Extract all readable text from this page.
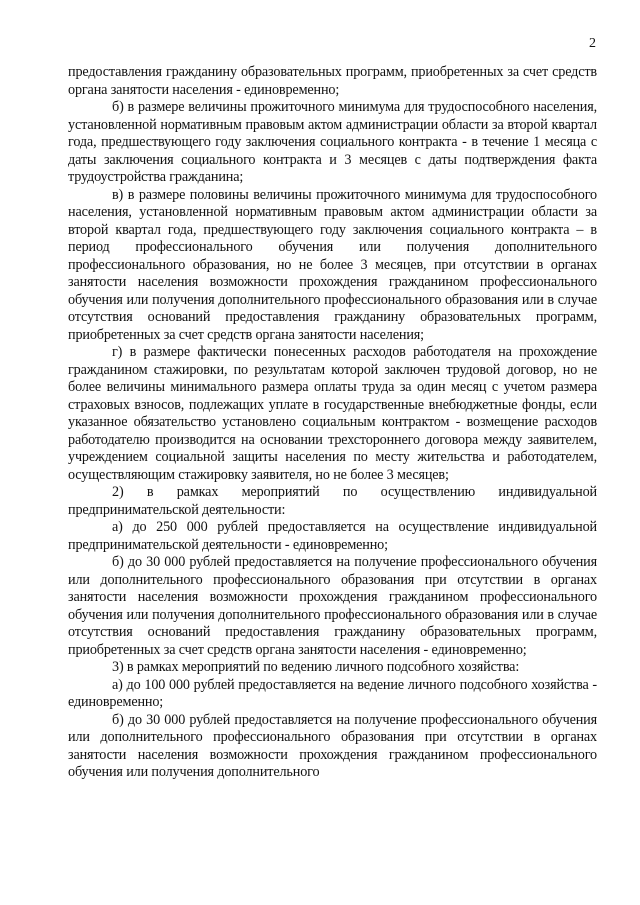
2

предоставления гражданину образовательных программ, приобретенных за счет средств органа занятости населения - единовременно;

б) в размере величины прожиточного минимума для трудоспособного населения, установленной нормативным правовым актом администрации области за второй квартал года, предшествующего году заключения социального контракта - в течение 1 месяца с даты заключения социального контракта и 3 месяцев с даты подтверждения факта трудоустройства гражданина;

в) в размере половины величины прожиточного минимума для трудоспособного населения, установленной нормативным правовым актом администрации области за второй квартал года, предшествующего году заключения социального контракта – в период профессионального обучения или получения дополнительного профессионального образования, но не более 3 месяцев, при отсутствии в органах занятости населения возможности прохождения гражданином профессионального обучения или получения дополнительного профессионального образования или в случае отсутствия оснований предоставления гражданину образовательных программ, приобретенных за счет средств органа занятости населения;

г) в размере фактически понесенных расходов работодателя на прохождение гражданином стажировки, по результатам которой заключен трудовой договор, но не более величины минимального размера оплаты труда за один месяц с учетом размера страховых взносов, подлежащих уплате в государственные внебюджетные фонды, если указанное обязательство установлено социальным контрактом - возмещение расходов работодателю производится на основании трехстороннего договора между заявителем, учреждением социальной защиты населения по месту жительства и работодателем, осуществляющим стажировку заявителя, но не более 3 месяцев;

2) в рамках мероприятий по осуществлению индивидуальной предпринимательской деятельности:

а) до 250 000 рублей предоставляется на осуществление индивидуальной предпринимательской деятельности - единовременно;

б) до 30 000 рублей предоставляется на получение профессионального обучения или дополнительного профессионального образования при отсутствии в органах занятости населения возможности прохождения гражданином профессионального обучения или получения дополнительного профессионального образования или в случае отсутствия оснований предоставления гражданину образовательных программ, приобретенных за счет средств органа занятости населения - единовременно;

3) в рамках мероприятий по ведению личного подсобного хозяйства:

а) до 100 000 рублей предоставляется на ведение личного подсобного хозяйства - единовременно;

б) до 30 000 рублей предоставляется на получение профессионального обучения или дополнительного профессионального образования при отсутствии в органах занятости населения возможности прохождения гражданином профессионального обучения или получения дополнительного
